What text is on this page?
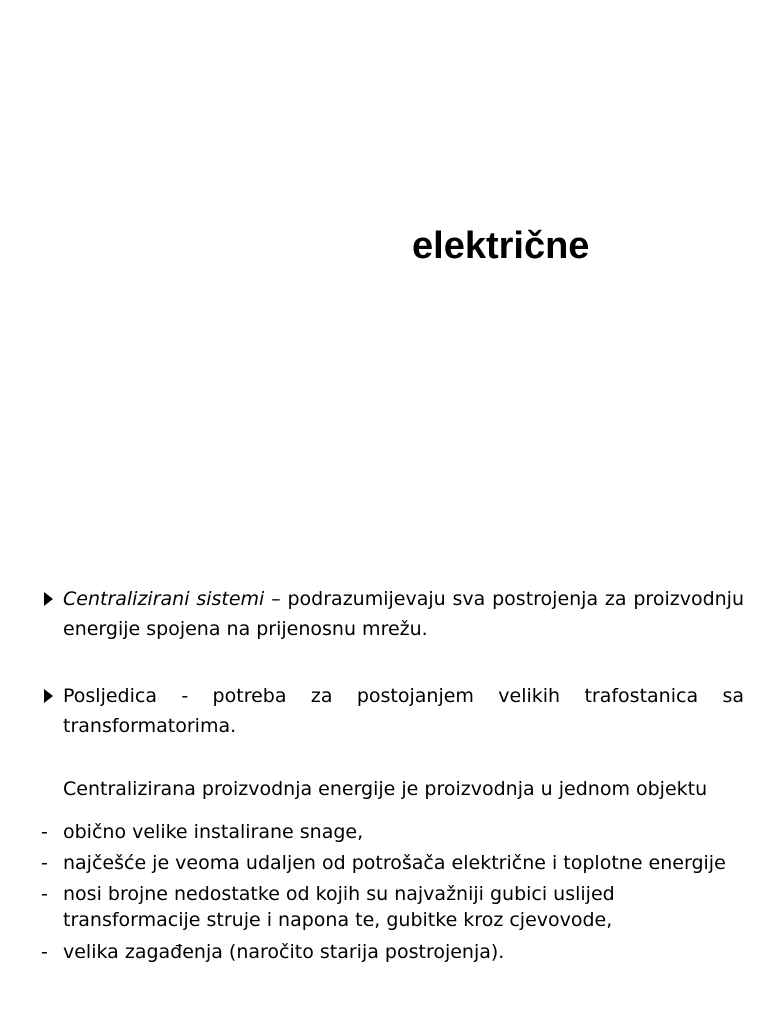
električne
Centralizirani sistemi – podrazumijevaju sva postrojenja za proizvodnju energije spojena na prijenosnu mrežu.
Posljedica - potreba za postojanjem velikih trafostanica sa transformatorima.
Centralizirana proizvodnja energije je proizvodnja u jednom objektu
- obično velike instalirane snage,
- najčešće je veoma udaljen od potrošača električne i toplotne energije
- nosi brojne nedostatke od kojih su najvažniji gubici uslijed transformacije struje i napona te, gubitke kroz cjevovode,
- velika zagađenja (naročito starija postrojenja).
